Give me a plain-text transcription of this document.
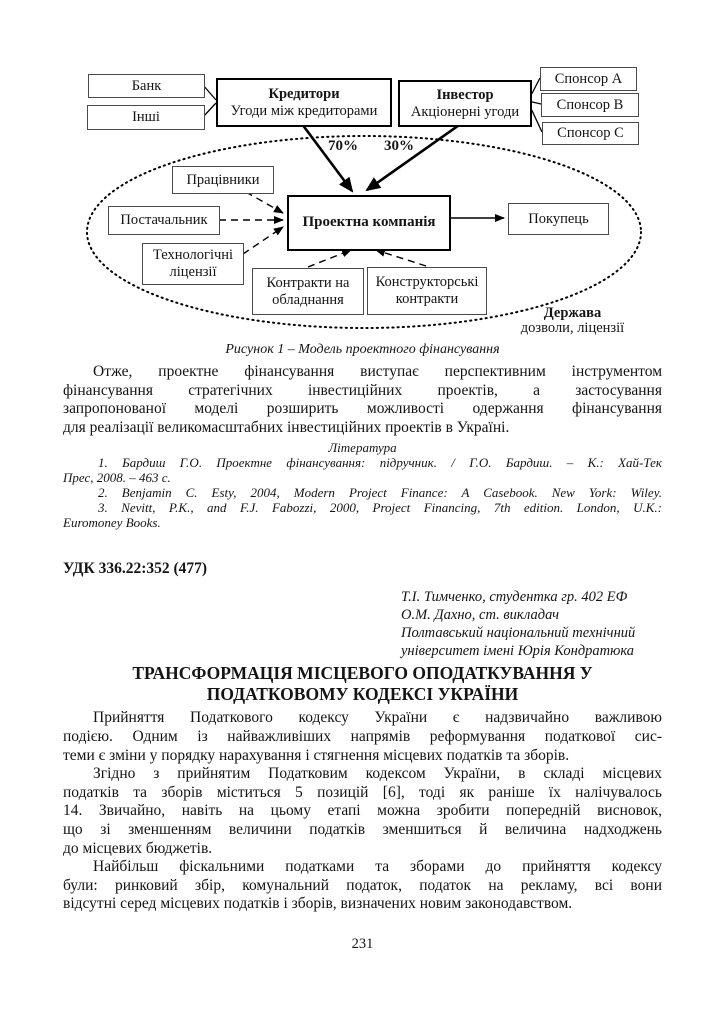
Банк
Інші
Кредитори
Угоди між кредиторами
Інвестор
Акціонерні угоди
Спонсор А
Спонсор В
Спонсор С
70% 30%
Працівники
Постачальник
Технологічні
ліцензії
Проектна компанія	Покупець
Контракти на
обладнання
Конструкторські
контракти
Держава
дозволи, ліцензії
Рисунок 1 – Модель проектного фінансування
Отже, проектне фінансування виступає перспективним інструментом
фінансування стратегічних інвестиційних проектів, а застосування
запропонованої моделі розширить можливості одержання фінансування
для реалізації великомасштабних інвестиційних проектів в Україні.
Література
1. Бардиш Г.О. Проектне фінансування: підручник. / Г.О. Бардиш. – К.: Хай-Тек
Прес, 2008. – 463 с.
2. Benjamin C. Esty, 2004, Modern Project Finance: A Casebook. New York: Wiley.
3. Nevitt, P.K., and F.J. Fabozzi, 2000, Project Financing, 7th edition. London, U.K.:
Euromoney Books.
УДК 336.22:352 (477)
Т.І. Тимченко, студентка гр. 402 ЕФ
О.М. Дахно, ст. викладач
Полтавський національний технічний
університет імені Юрія Кондратюка
ТРАНСФОРМАЦІЯ МІСЦЕВОГО ОПОДАТКУВАННЯ У
ПОДАТКОВОМУ КОДЕКСІ УКРАЇНИ
Прийняття Податкового кодексу України є надзвичайно важливою
подією. Одним із найважливіших напрямів реформування податкової сис-
теми є зміни у порядку нарахування і стягнення місцевих податків та зборів.
Згідно з прийнятим Податковим кодексом України, в складі місцевих
податків та зборів міститься 5 позицій [6], тоді як раніше їх налічувалось
14. Звичайно, навіть на цьому етапі можна зробити попередній висновок,
що зі зменшенням величини податків зменшиться й величина надходжень
до місцевих бюджетів.
Найбільш фіскальними податками та зборами до прийняття кодексу
були: ринковий збір, комунальний податок, податок на рекламу, всі вони
відсутні серед місцевих податків і зборів, визначених новим законодавством.
231
